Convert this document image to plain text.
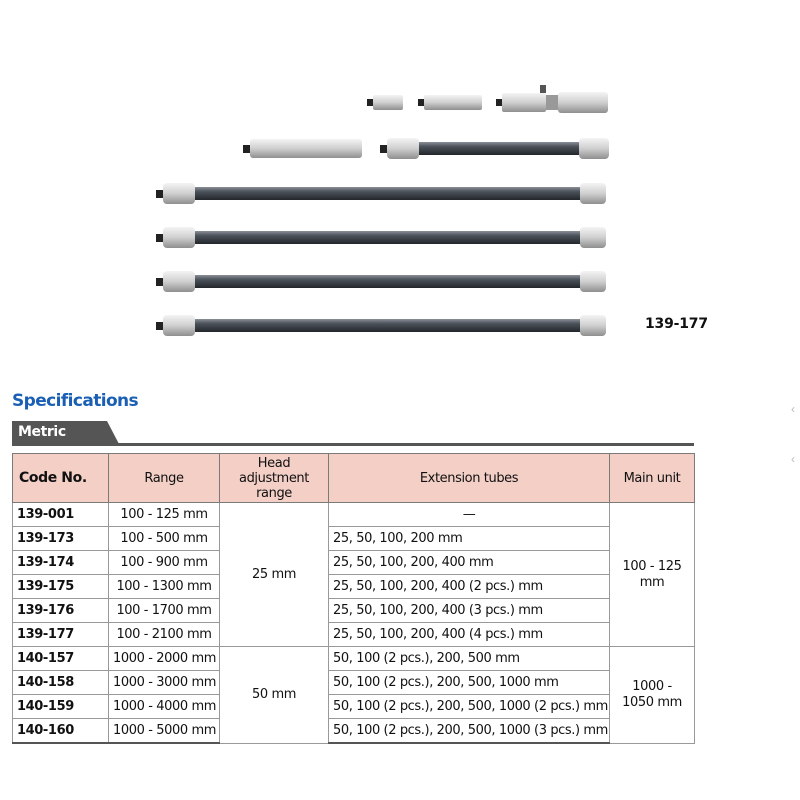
139-177
Specifications
Metric
Code No.	Range	Head adjustment range	Extension tubes	Main unit
139-001	100 - 125 mm	25 mm	—	100 - 125 mm
139-173	100 - 500 mm		25, 50, 100, 200 mm	
139-174	100 - 900 mm		25, 50, 100, 200, 400 mm	
139-175	100 - 1300 mm		25, 50, 100, 200, 400 (2 pcs.) mm	
139-176	100 - 1700 mm		25, 50, 100, 200, 400 (3 pcs.) mm	
139-177	100 - 2100 mm		25, 50, 100, 200, 400 (4 pcs.) mm	
140-157	1000 - 2000 mm	50 mm	50, 100 (2 pcs.), 200, 500 mm	1000 - 1050 mm
140-158	1000 - 3000 mm		50, 100 (2 pcs.), 200, 500, 1000 mm	
140-159	1000 - 4000 mm		50, 100 (2 pcs.), 200, 500, 1000 (2 pcs.) mm	
140-160	1000 - 5000 mm		50, 100 (2 pcs.), 200, 500, 1000 (3 pcs.) mm	
‹
‹
